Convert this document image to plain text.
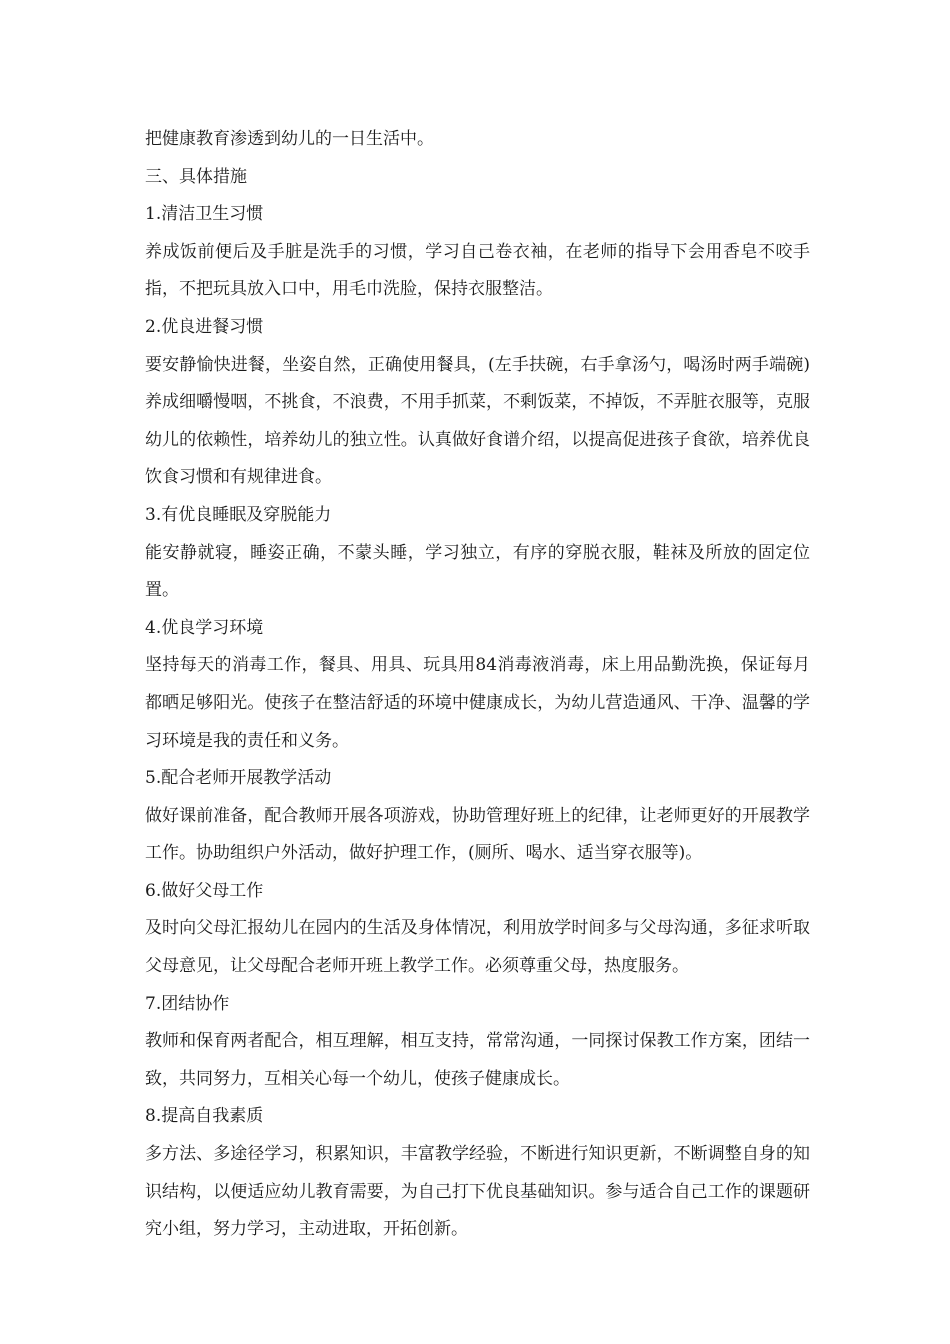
把健康教育渗透到幼儿的一日生活中。

三、具体措施

1.清洁卫生习惯

养成饭前便后及手脏是洗手的习惯，学习自己卷衣袖，在老师的指导下会用香皂不咬手指，不把玩具放入口中，用毛巾洗脸，保持衣服整洁。

2.优良进餐习惯

要安静愉快进餐，坐姿自然，正确使用餐具，(左手扶碗，右手拿汤勺，喝汤时两手端碗)养成细嚼慢咽，不挑食，不浪费，不用手抓菜，不剩饭菜，不掉饭，不弄脏衣服等，克服幼儿的依赖性，培养幼儿的独立性。认真做好食谱介绍，以提高促进孩子食欲，培养优良饮食习惯和有规律进食。

3.有优良睡眠及穿脱能力

能安静就寝，睡姿正确，不蒙头睡，学习独立，有序的穿脱衣服，鞋袜及所放的固定位置。

4.优良学习环境

坚持每天的消毒工作，餐具、用具、玩具用84消毒液消毒，床上用品勤洗换，保证每月都晒足够阳光。使孩子在整洁舒适的环境中健康成长，为幼儿营造通风、干净、温馨的学习环境是我的责任和义务。

5.配合老师开展教学活动

做好课前准备，配合教师开展各项游戏，协助管理好班上的纪律，让老师更好的开展教学工作。协助组织户外活动，做好护理工作，(厕所、喝水、适当穿衣服等)。

6.做好父母工作

及时向父母汇报幼儿在园内的生活及身体情况，利用放学时间多与父母沟通，多征求听取父母意见，让父母配合老师开班上教学工作。必须尊重父母，热度服务。

7.团结协作

教师和保育两者配合，相互理解，相互支持，常常沟通，一同探讨保教工作方案，团结一致，共同努力，互相关心每一个幼儿，使孩子健康成长。

8.提高自我素质

多方法、多途径学习，积累知识，丰富教学经验，不断进行知识更新，不断调整自身的知识结构，以便适应幼儿教育需要，为自己打下优良基础知识。参与适合自己工作的课题研究小组，努力学习，主动进取，开拓创新。
